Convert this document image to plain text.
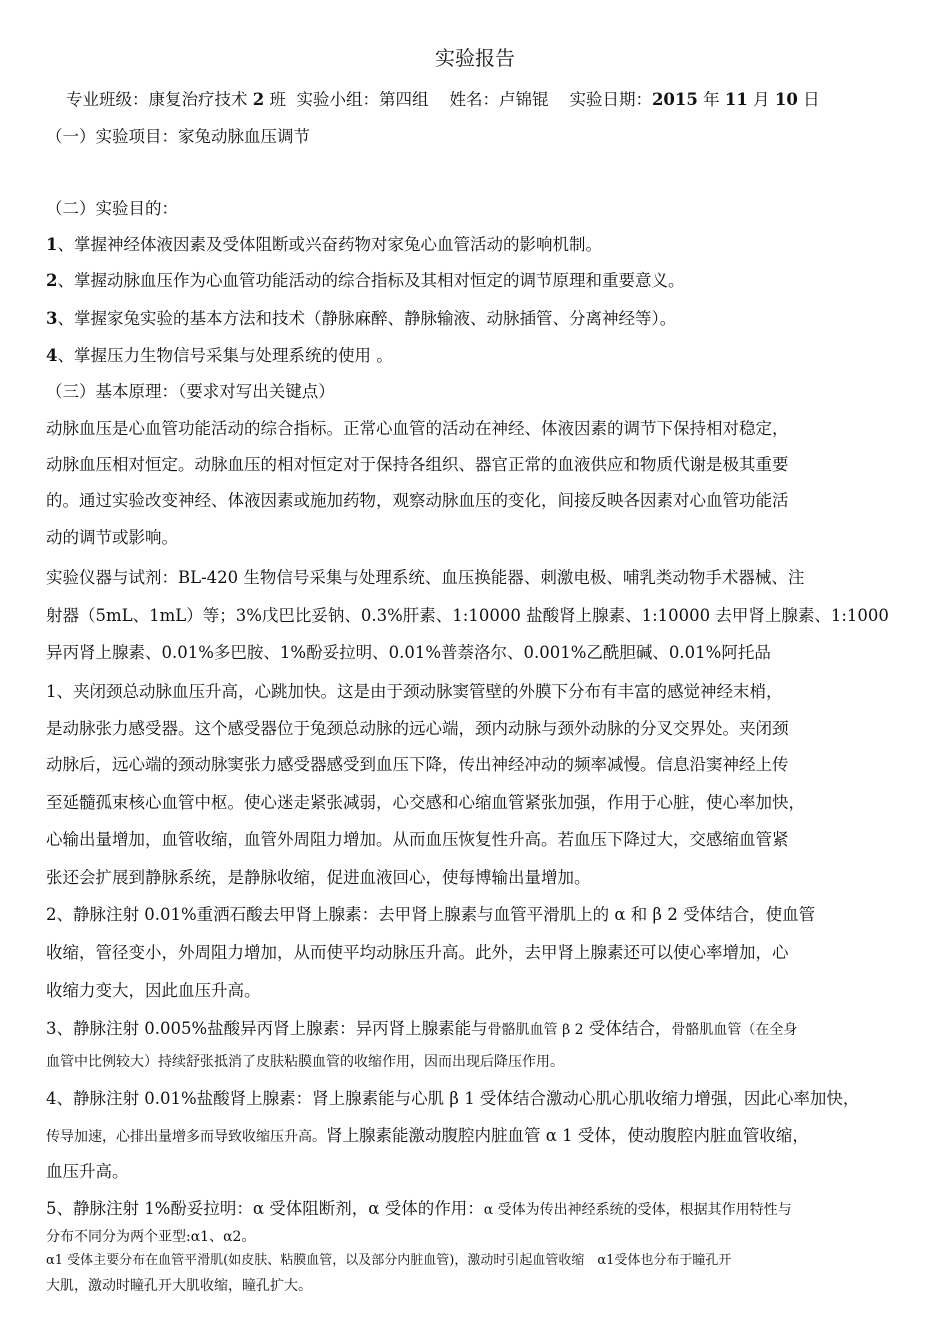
实验报告
专业班级：康复治疗技术 2 班 实验小组：第四组 姓名：卢锦锟 实验日期：2015 年 11 月 10 日
（一）实验项目：家兔动脉血压调节
（二）实验目的：
1、掌握神经体液因素及受体阻断或兴奋药物对家兔心血管活动的影响机制。
2、掌握动脉血压作为心血管功能活动的综合指标及其相对恒定的调节原理和重要意义。
3、掌握家兔实验的基本方法和技术（静脉麻醉、静脉输液、动脉插管、分离神经等）。
4、掌握压力生物信号采集与处理系统的使用 。
（三）基本原理：（要求对写出关键点）
动脉血压是心血管功能活动的综合指标。正常心血管的活动在神经、体液因素的调节下保持相对稳定，
动脉血压相对恒定。动脉血压的相对恒定对于保持各组织、器官正常的血液供应和物质代谢是极其重要
的。通过实验改变神经、体液因素或施加药物，观察动脉血压的变化，间接反映各因素对心血管功能活
动的调节或影响。
实验仪器与试剂：BL-420 生物信号采集与处理系统、血压换能器、刺激电极、哺乳类动物手术器械、注
射器（5mL、1mL）等；3%戊巴比妥钠、0.3%肝素、1:10000 盐酸肾上腺素、1:10000 去甲肾上腺素、1:1000
异丙肾上腺素、0.01%多巴胺、1%酚妥拉明、0.01%普萘洛尔、0.001%乙酰胆碱、0.01%阿托品
1、夹闭颈总动脉血压升高，心跳加快。这是由于颈动脉窦管壁的外膜下分布有丰富的感觉神经末梢，
是动脉张力感受器。这个感受器位于兔颈总动脉的远心端，颈内动脉与颈外动脉的分叉交界处。夹闭颈
动脉后，远心端的颈动脉窦张力感受器感受到血压下降，传出神经冲动的频率减慢。信息沿窦神经上传
至延髓孤束核心血管中枢。使心迷走紧张减弱，心交感和心缩血管紧张加强，作用于心脏，使心率加快，
心输出量增加，血管收缩，血管外周阻力增加。从而血压恢复性升高。若血压下降过大，交感缩血管紧
张还会扩展到静脉系统，是静脉收缩，促进血液回心，使每博输出量增加。
2、静脉注射 0.01%重洒石酸去甲肾上腺素：去甲肾上腺素与血管平滑肌上的 α 和 β 2 受体结合，使血管
收缩，管径变小，外周阻力增加，从而使平均动脉压升高。此外，去甲肾上腺素还可以使心率增加，心
收缩力变大，因此血压升高。
3、静脉注射 0.005%盐酸异丙肾上腺素：异丙肾上腺素能与骨骼肌血管 β 2 受体结合，骨骼肌血管（在全身
血管中比例较大）持续舒张抵消了皮肤粘膜血管的收缩作用，因而出现后降压作用。
4、静脉注射 0.01%盐酸肾上腺素：肾上腺素能与心肌 β 1 受体结合激动心肌心肌收缩力增强，因此心率加快，
传导加速，心排出量增多而导致收缩压升高。肾上腺素能激动腹腔内脏血管 α 1 受体，使动腹腔内脏血管收缩，
血压升高。
5、静脉注射 1%酚妥拉明：α 受体阻断剂，α 受体的作用：α 受体为传出神经系统的受体，根据其作用特性与
分布不同分为两个亚型:α1、α2。
α1 受体主要分布在血管平滑肌(如皮肤、粘膜血管，以及部分内脏血管)，激动时引起血管收缩　α1受体也分布于瞳孔开
大肌，激动时瞳孔开大肌收缩，瞳孔扩大。
